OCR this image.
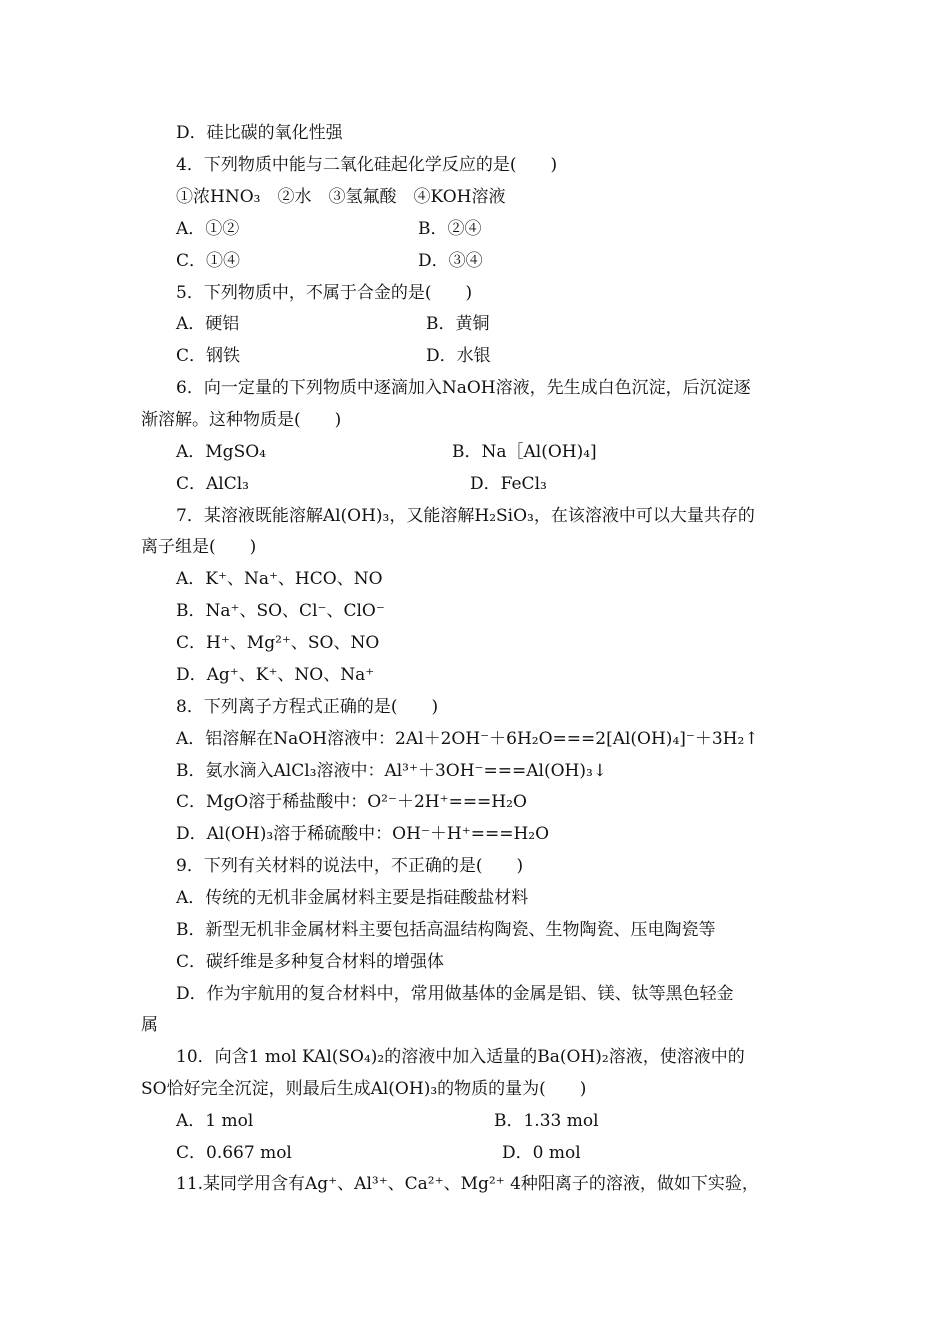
D．硅比碳的氧化性强
4．下列物质中能与二氧化硅起化学反应的是(　　)
①浓HNO₃　②水　③氢氟酸　④KOH溶液
A．①②	B．②④
C．①④	D．③④
5．下列物质中，不属于合金的是(　　)
A．硬铝	B．黄铜
C．钢铁	D．水银
6．向一定量的下列物质中逐滴加入NaOH溶液，先生成白色沉淀，后沉淀逐
渐溶解。这种物质是(　　)
A．MgSO₄	B．Na［Al(OH)₄]
C．AlCl₃	D．FeCl₃
7．某溶液既能溶解Al(OH)₃，又能溶解H₂SiO₃，在该溶液中可以大量共存的
离子组是(　　)
A．K⁺、Na⁺、HCO、NO
B．Na⁺、SO、Cl⁻、ClO⁻
C．H⁺、Mg²⁺、SO、NO
D．Ag⁺、K⁺、NO、Na⁺
8．下列离子方程式正确的是(　　)
A．铝溶解在NaOH溶液中：2Al＋2OH⁻＋6H₂O===2[Al(OH)₄]⁻＋3H₂↑
B．氨水滴入AlCl₃溶液中：Al³⁺＋3OH⁻===Al(OH)₃↓
C．MgO溶于稀盐酸中：O²⁻＋2H⁺===H₂O
D．Al(OH)₃溶于稀硫酸中：OH⁻＋H⁺===H₂O
9．下列有关材料的说法中，不正确的是(　　)
A．传统的无机非金属材料主要是指硅酸盐材料
B．新型无机非金属材料主要包括高温结构陶瓷、生物陶瓷、压电陶瓷等
C．碳纤维是多种复合材料的增强体
D．作为宇航用的复合材料中，常用做基体的金属是铝、镁、钛等黑色轻金
属
10．向含1 mol KAl(SO₄)₂的溶液中加入适量的Ba(OH)₂溶液，使溶液中的
SO恰好完全沉淀，则最后生成Al(OH)₃的物质的量为(　　)
A．1 mol	B．1.33 mol
C．0.667 mol	D．0 mol
11.某同学用含有Ag⁺、Al³⁺、Ca²⁺、Mg²⁺ 4种阳离子的溶液，做如下实验，
